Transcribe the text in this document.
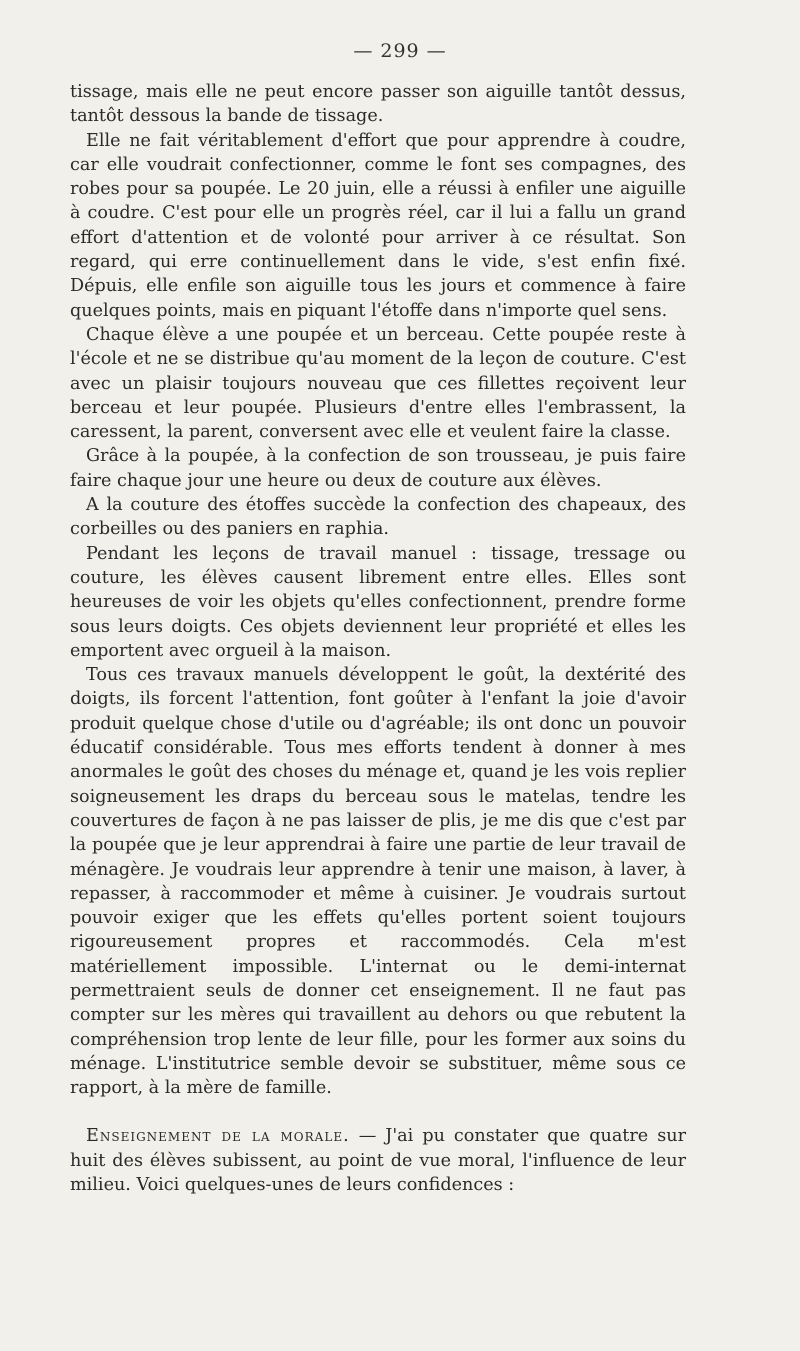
— 299 —

tissage, mais elle ne peut encore passer son aiguille tantôt dessus, tantôt dessous la bande de tissage.

Elle ne fait véritablement d'effort que pour apprendre à coudre, car elle voudrait confectionner, comme le font ses compagnes, des robes pour sa poupée. Le 20 juin, elle a réussi à enfiler une aiguille à coudre. C'est pour elle un progrès réel, car il lui a fallu un grand effort d'attention et de volonté pour arriver à ce résultat. Son regard, qui erre continuellement dans le vide, s'est enfin fixé. Dépuis, elle enfile son aiguille tous les jours et commence à faire quelques points, mais en piquant l'étoffe dans n'importe quel sens.

Chaque élève a une poupée et un berceau. Cette poupée reste à l'école et ne se distribue qu'au moment de la leçon de couture. C'est avec un plaisir toujours nouveau que ces fillettes reçoivent leur berceau et leur poupée. Plusieurs d'entre elles l'embrassent, la caressent, la parent, conversent avec elle et veulent faire la classe.

Grâce à la poupée, à la confection de son trousseau, je puis faire faire chaque jour une heure ou deux de couture aux élèves.

A la couture des étoffes succède la confection des chapeaux, des corbeilles ou des paniers en raphia.

Pendant les leçons de travail manuel : tissage, tressage ou couture, les élèves causent librement entre elles. Elles sont heureuses de voir les objets qu'elles confectionnent, prendre forme sous leurs doigts. Ces objets deviennent leur propriété et elles les emportent avec orgueil à la maison.

Tous ces travaux manuels développent le goût, la dextérité des doigts, ils forcent l'attention, font goûter à l'enfant la joie d'avoir produit quelque chose d'utile ou d'agréable; ils ont donc un pouvoir éducatif considérable. Tous mes efforts tendent à donner à mes anormales le goût des choses du ménage et, quand je les vois replier soigneusement les draps du berceau sous le matelas, tendre les couvertures de façon à ne pas laisser de plis, je me dis que c'est par la poupée que je leur apprendrai à faire une partie de leur travail de ménagère. Je voudrais leur apprendre à tenir une maison, à laver, à repasser, à raccommoder et même à cuisiner. Je voudrais surtout pouvoir exiger que les effets qu'elles portent soient toujours rigoureusement propres et raccommodés. Cela m'est matériellement impossible. L'internat ou le demi-internat permettraient seuls de donner cet enseignement. Il ne faut pas compter sur les mères qui travaillent au dehors ou que rebutent la compréhension trop lente de leur fille, pour les former aux soins du ménage. L'institutrice semble devoir se substituer, même sous ce rapport, à la mère de famille.

Enseignement de la morale. — J'ai pu constater que quatre sur huit des élèves subissent, au point de vue moral, l'influence de leur milieu. Voici quelques-unes de leurs confidences :
